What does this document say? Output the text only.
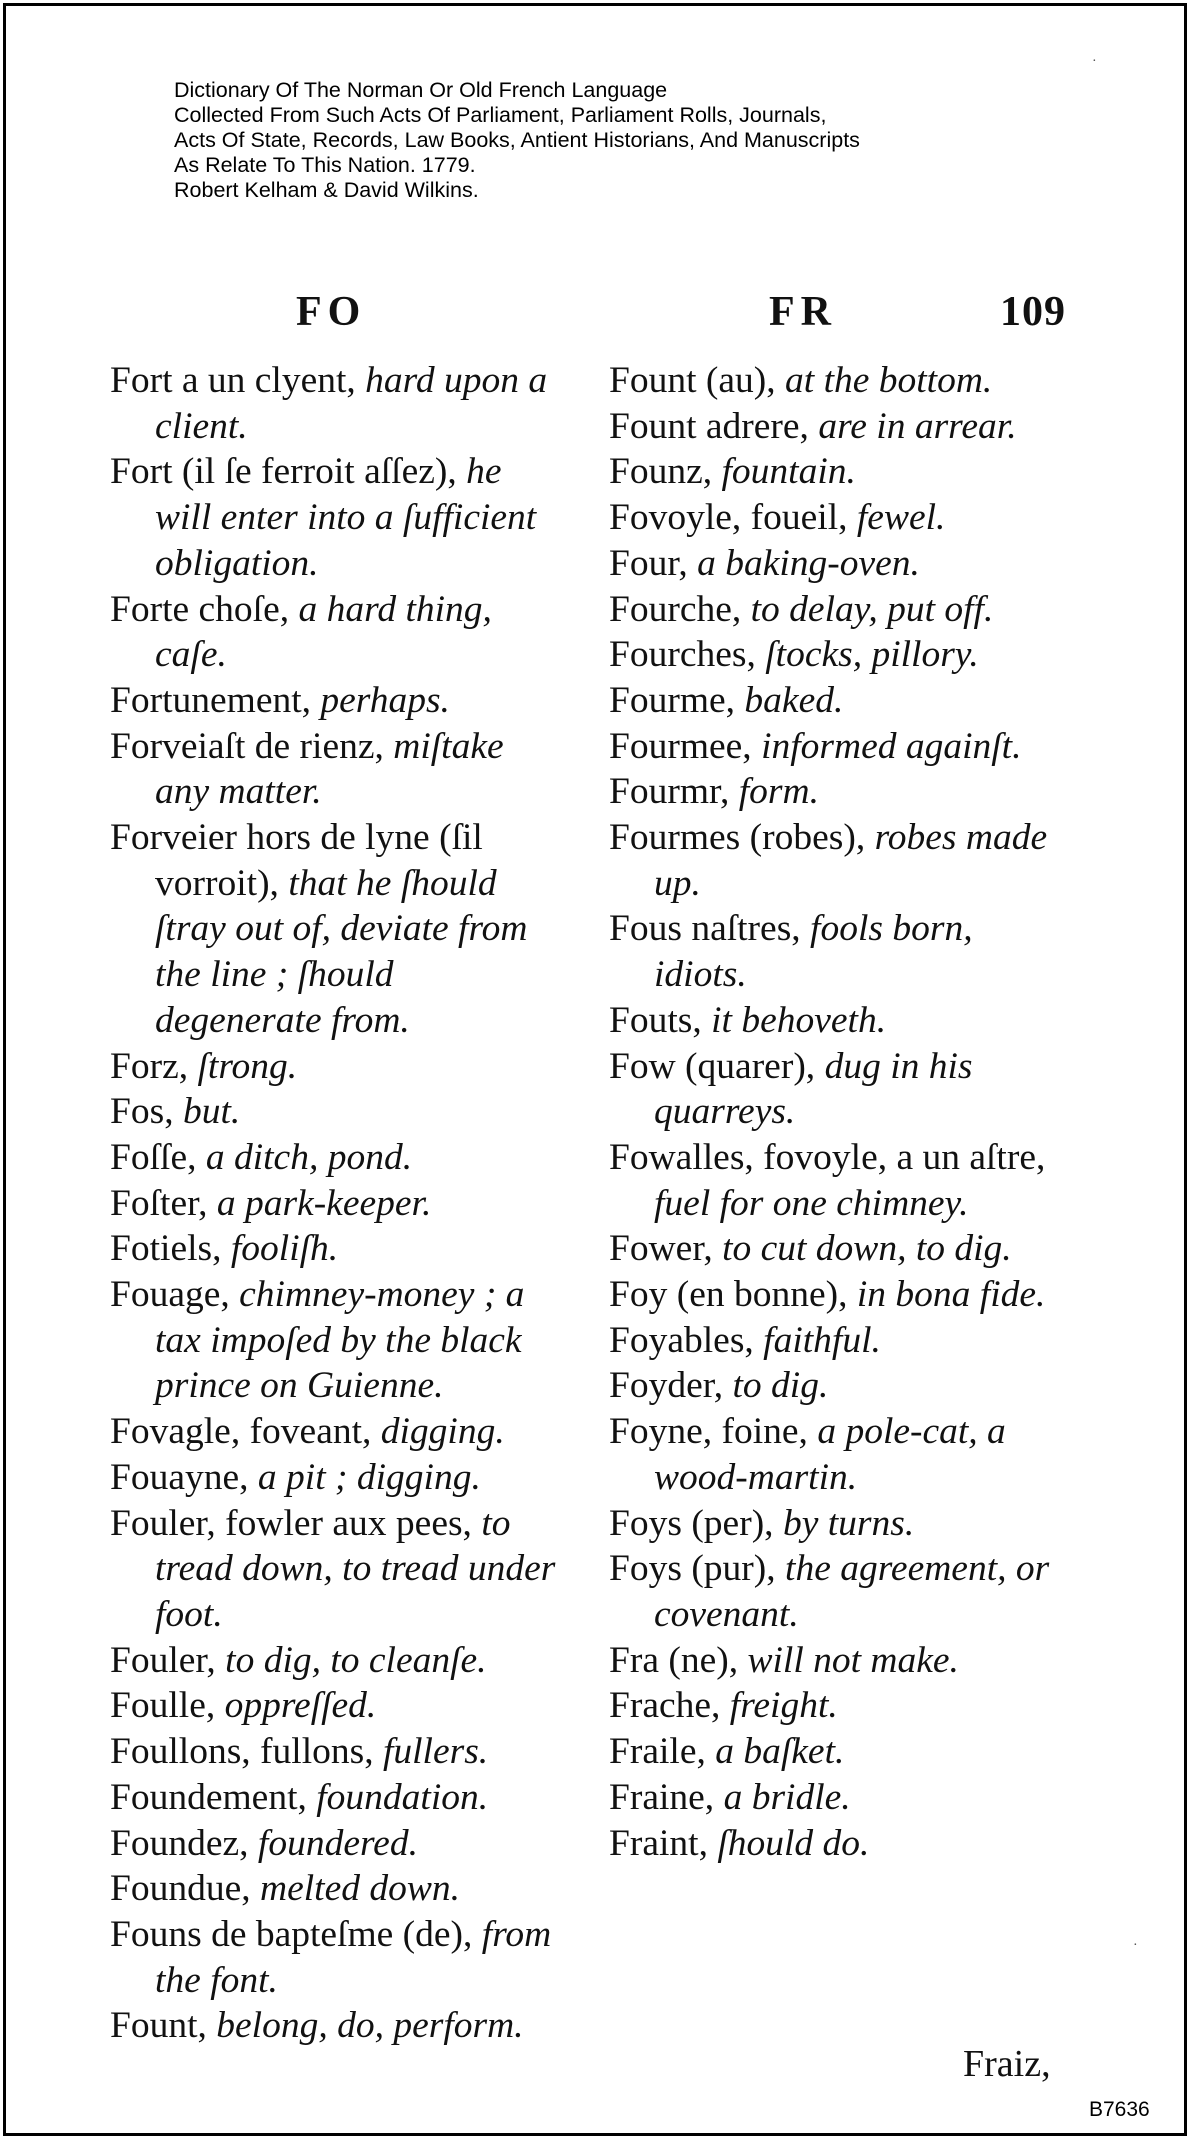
Dictionary Of The Norman Or Old French Language
Collected From Such Acts Of Parliament, Parliament Rolls, Journals,
Acts Of State, Records, Law Books, Antient Historians, And Manuscripts
As Relate To This Nation. 1779.
Robert Kelham & David Wilkins.
FO	FR	109
Fort a un clyent, hard upon a client.
Fort (il ſe ferroit aſſez), he will enter into a ſufficient obligation.
Forte choſe, a hard thing, caſe.
Fortunement, perhaps.
Forveiaſt de rienz, miſtake any matter.
Forveier hors de lyne (ſil vorroit), that he ſhould ſtray out of, deviate from the line ; ſhould degenerate from.
Forz, ſtrong.
Fos, but.
Foſſe, a ditch, pond.
Foſter, a park-keeper.
Fotiels, fooliſh.
Fouage, chimney-money ; a tax impoſed by the black prince on Guienne.
Fovagle, foveant, digging.
Fouayne, a pit ; digging.
Fouler, fowler aux pees, to tread down, to tread under foot.
Fouler, to dig, to cleanſe.
Foulle, oppreſſed.
Foullons, fullons, fullers.
Foundement, foundation.
Foundez, foundered.
Foundue, melted down.
Founs de bapteſme (de), from the font.
Fount, belong, do, perform.
Fount (au), at the bottom.
Fount adrere, are in arrear.
Founz, fountain.
Fovoyle, foueil, fewel.
Four, a baking-oven.
Fourche, to delay, put off.
Fourches, ſtocks, pillory.
Fourme, baked.
Fourmee, informed againſt.
Fourmr, form.
Fourmes (robes), robes made up.
Fous naſtres, fools born, idiots.
Fouts, it behoveth.
Fow (quarer), dug in his quarreys.
Fowalles, fovoyle, a un aſtre, fuel for one chimney.
Fower, to cut down, to dig.
Foy (en bonne), in bona fide.
Foyables, faithful.
Foyder, to dig.
Foyne, foine, a pole-cat, a wood-martin.
Foys (per), by turns.
Foys (pur), the agreement, or covenant.
Fra (ne), will not make.
Frache, freight.
Fraile, a baſket.
Fraine, a bridle.
Fraint, ſhould do.
Fraiz,
B7636
·
·
